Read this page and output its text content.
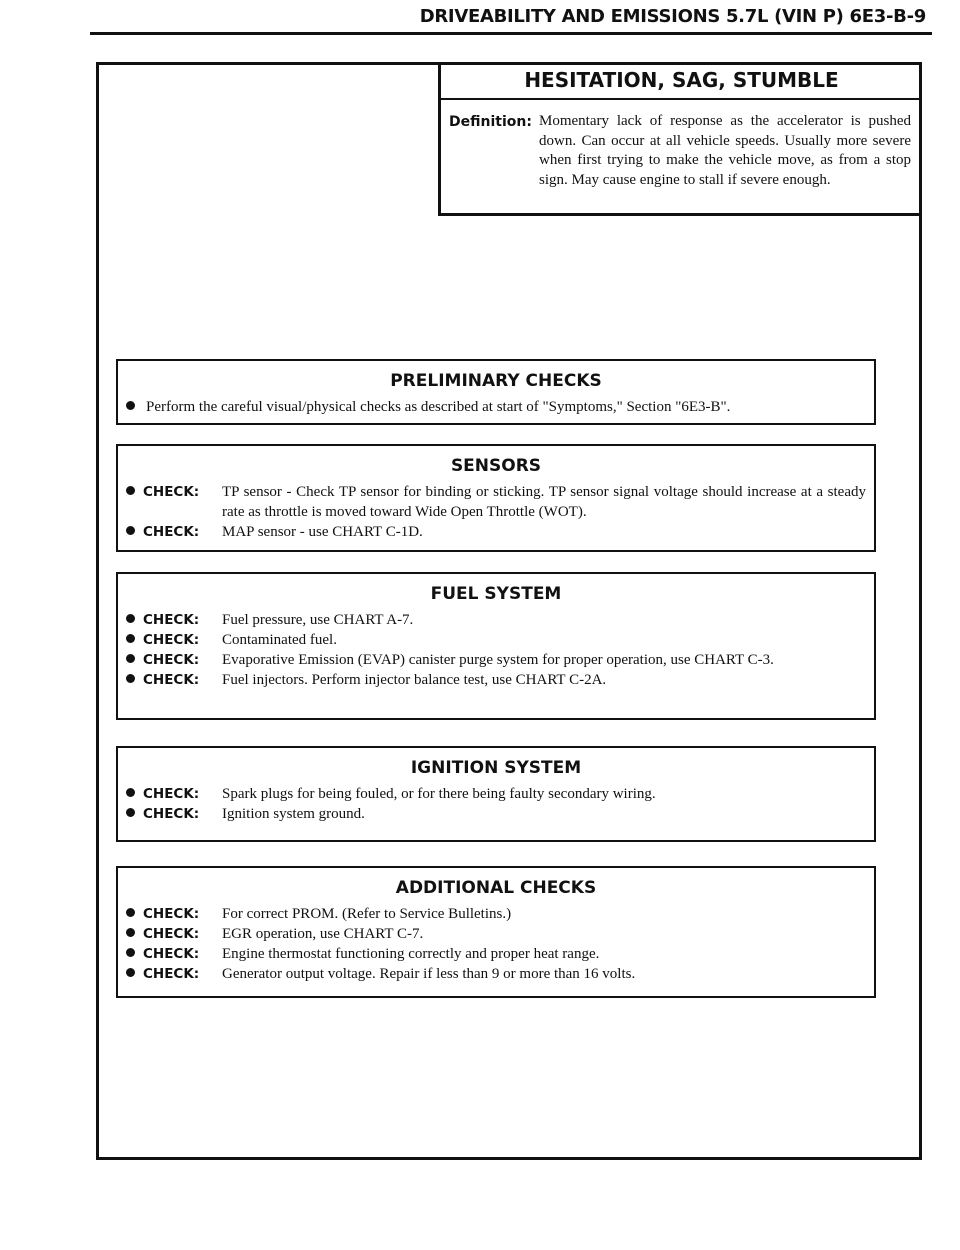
DRIVEABILITY AND EMISSIONS 5.7L (VIN P) 6E3-B-9
HESITATION, SAG, STUMBLE
Definition: Momentary lack of response as the accelerator is pushed down. Can occur at all vehicle speeds. Usually more severe when first trying to make the vehicle move, as from a stop sign. May cause engine to stall if severe enough.
PRELIMINARY CHECKS
Perform the careful visual/physical checks as described at start of "Symptoms," Section "6E3-B".
SENSORS
CHECK: TP sensor - Check TP sensor for binding or sticking. TP sensor signal voltage should increase at a steady rate as throttle is moved toward Wide Open Throttle (WOT).
CHECK: MAP sensor - use CHART C-1D.
FUEL SYSTEM
CHECK: Fuel pressure, use CHART A-7.
CHECK: Contaminated fuel.
CHECK: Evaporative Emission (EVAP) canister purge system for proper operation, use CHART C-3.
CHECK: Fuel injectors. Perform injector balance test, use CHART C-2A.
IGNITION SYSTEM
CHECK: Spark plugs for being fouled, or for there being faulty secondary wiring.
CHECK: Ignition system ground.
ADDITIONAL CHECKS
CHECK: For correct PROM. (Refer to Service Bulletins.)
CHECK: EGR operation, use CHART C-7.
CHECK: Engine thermostat functioning correctly and proper heat range.
CHECK: Generator output voltage. Repair if less than 9 or more than 16 volts.
